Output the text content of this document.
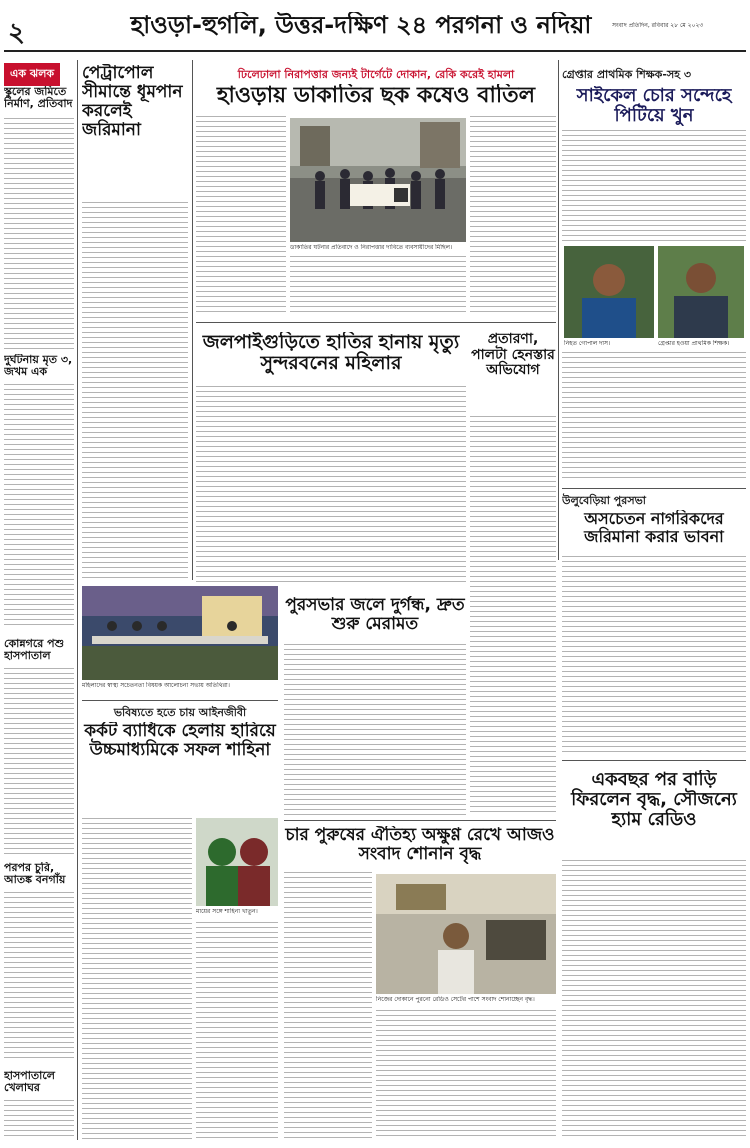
২	হাওড়া-হুগলি, উত্তর-দক্ষিণ ২৪ পরগনা ও নদিয়া	সংবাদ প্রতিদিন, রবিবার ২৮ মে ২০২৩
এক ঝলক
স্কুলের জমিতে নির্মাণ, প্রতিবাদ
দুর্ঘটনায় মৃত ৩, জখম এক
কোন্নগরে পশু হাসপাতাল
পরপর চুরি, আতঙ্ক বনগাঁয়
হাসপাতালে খেলাঘর
পেট্রাপোল সীমান্তে ধূমপান করলেই জরিমানা
ঢিলেঢালা নিরাপত্তার জন্যই টার্গেটে দোকান, রেকি করেই হামলা
হাওড়ায় ডাকাতির ছক কষেও বাতিল
ডাকাতির ঘটনার প্রতিবাদে ও নিরাপত্তার দাবিতে ব্যবসায়ীদের মিছিল।
গ্রেপ্তার প্রাথমিক শিক্ষক-সহ ৩
সাইকেল চোর সন্দেহে পিটিয়ে খুন
নিহত গোপাল দাস।	গ্রেপ্তার হওয়া প্রাথমিক শিক্ষক।
জলপাইগুড়িতে হাতির হানায় মৃত্যু সুন্দরবনের মহিলার
প্রতারণা, পালটা হেনস্তার অভিযোগ
উলুবেড়িয়া পুরসভা
অসচেতন নাগরিকদের জরিমানা করার ভাবনা
মহিলাদের স্বাস্থ্য সচেতনতা বিষয়ক আলোচনা সভায় অতিথিরা।
পুরসভার জলে দুর্গন্ধ, দ্রুত শুরু মেরামত
ভবিষ্যতে হতে চায় আইনজীবী
কর্কট ব্যাধিকে হেলায় হারিয়ে উচ্চমাধ্যমিকে সফল শাহিনা
মায়ের সঙ্গে শাহিনা খাতুন।
চার পুরুষের ঐতিহ্য অক্ষুণ্ণ রেখে আজও সংবাদ শোনান বৃদ্ধ
নিজের দোকানে পুরনো রেডিও সেটের পাশে সংবাদ শোনাচ্ছেন বৃদ্ধ।
একবছর পর বাড়ি ফিরলেন বৃদ্ধ, সৌজন্যে হ্যাম রেডিও
